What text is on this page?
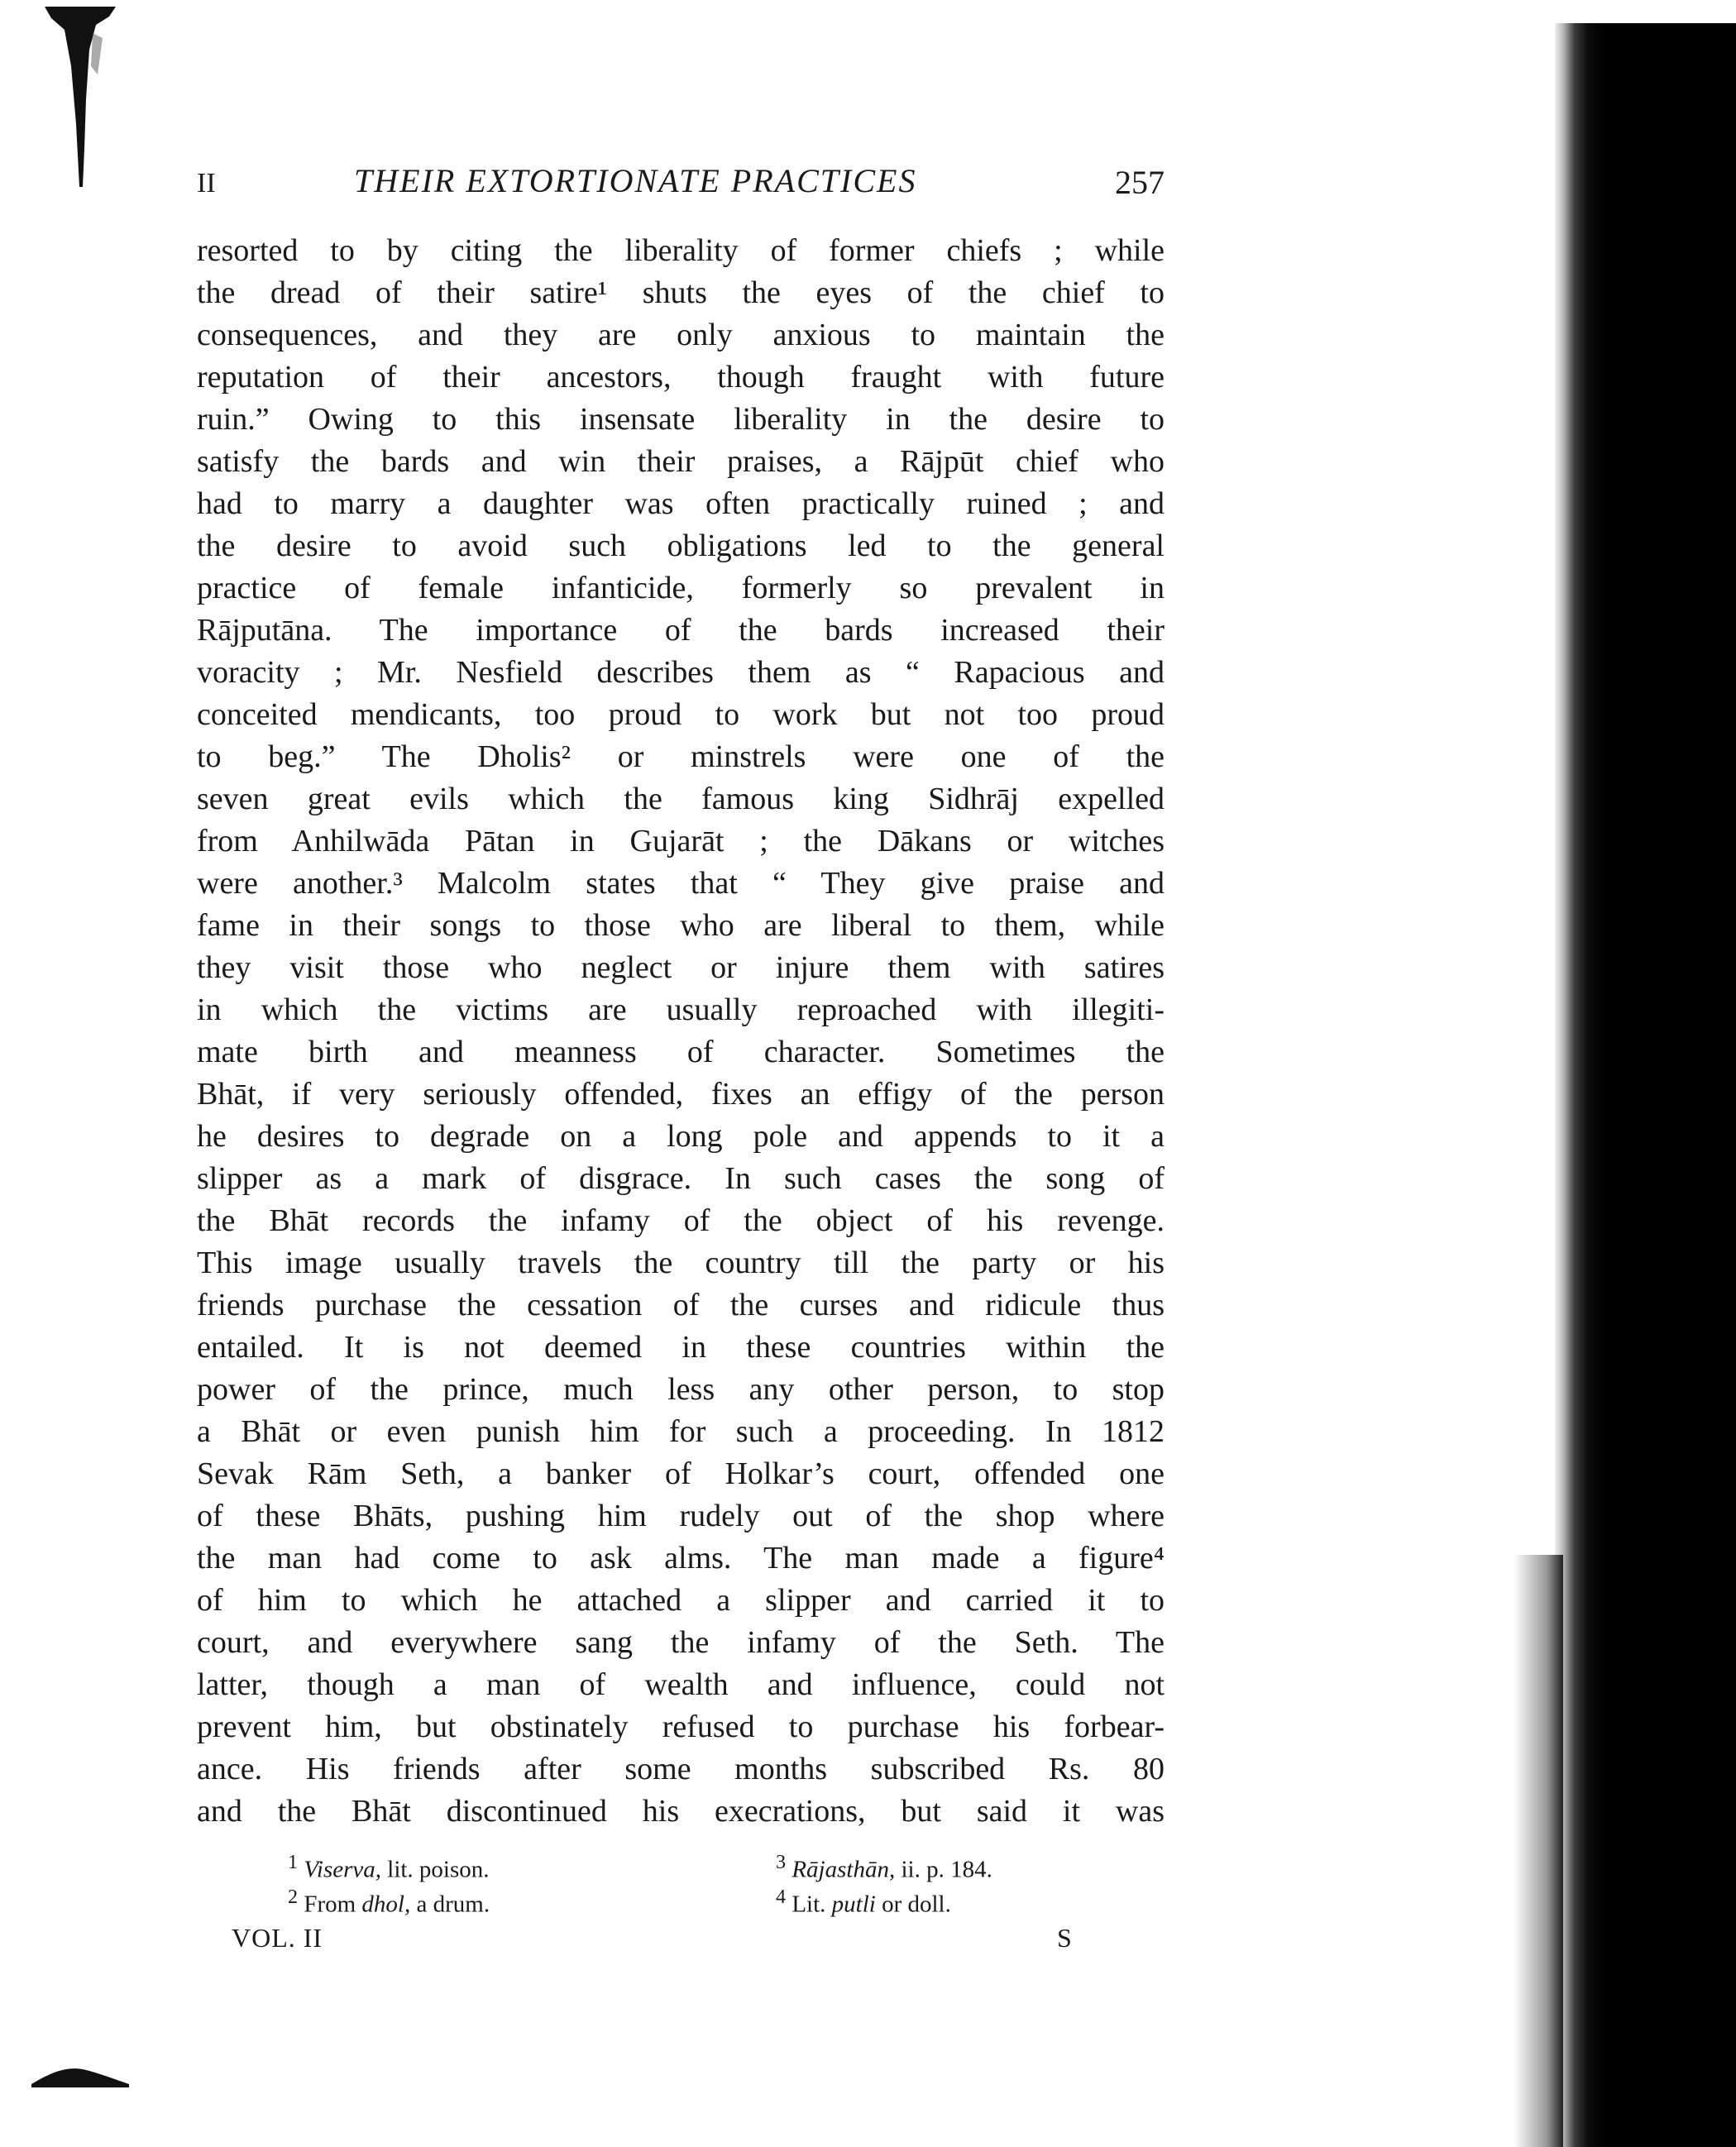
II	THEIR EXTORTIONATE PRACTICES	257
resorted to by citing the liberality of former chiefs ; while
the dread of their satire¹ shuts the eyes of the chief to
consequences, and they are only anxious to maintain the
reputation of their ancestors, though fraught with future
ruin.” Owing to this insensate liberality in the desire to
satisfy the bards and win their praises, a Rājpūt chief who
had to marry a daughter was often practically ruined ; and
the desire to avoid such obligations led to the general
practice of female infanticide, formerly so prevalent in
Rājputāna. The importance of the bards increased their
voracity ; Mr. Nesfield describes them as “ Rapacious and
conceited mendicants, too proud to work but not too proud
to beg.” The Dholis² or minstrels were one of the
seven great evils which the famous king Sidhrāj expelled
from Anhilwāda Pātan in Gujarāt ; the Dākans or witches
were another.³ Malcolm states that “ They give praise and
fame in their songs to those who are liberal to them, while
they visit those who neglect or injure them with satires
in which the victims are usually reproached with illegiti-
mate birth and meanness of character. Sometimes the
Bhāt, if very seriously offended, fixes an effigy of the person
he desires to degrade on a long pole and appends to it a
slipper as a mark of disgrace. In such cases the song of
the Bhāt records the infamy of the object of his revenge.
This image usually travels the country till the party or his
friends purchase the cessation of the curses and ridicule thus
entailed. It is not deemed in these countries within the
power of the prince, much less any other person, to stop
a Bhāt or even punish him for such a proceeding. In 1812
Sevak Rām Seth, a banker of Holkar’s court, offended one
of these Bhāts, pushing him rudely out of the shop where
the man had come to ask alms. The man made a figure⁴
of him to which he attached a slipper and carried it to
court, and everywhere sang the infamy of the Seth. The
latter, though a man of wealth and influence, could not
prevent him, but obstinately refused to purchase his forbear-
ance. His friends after some months subscribed Rs. 80
and the Bhāt discontinued his execrations, but said it was
$^1$ Viserva, lit. poison.
$^2$ From dhol, a drum.
$^3$ Rājasthān, ii. p. 184.
$^4$ Lit. putli or doll.
VOL. II	S
